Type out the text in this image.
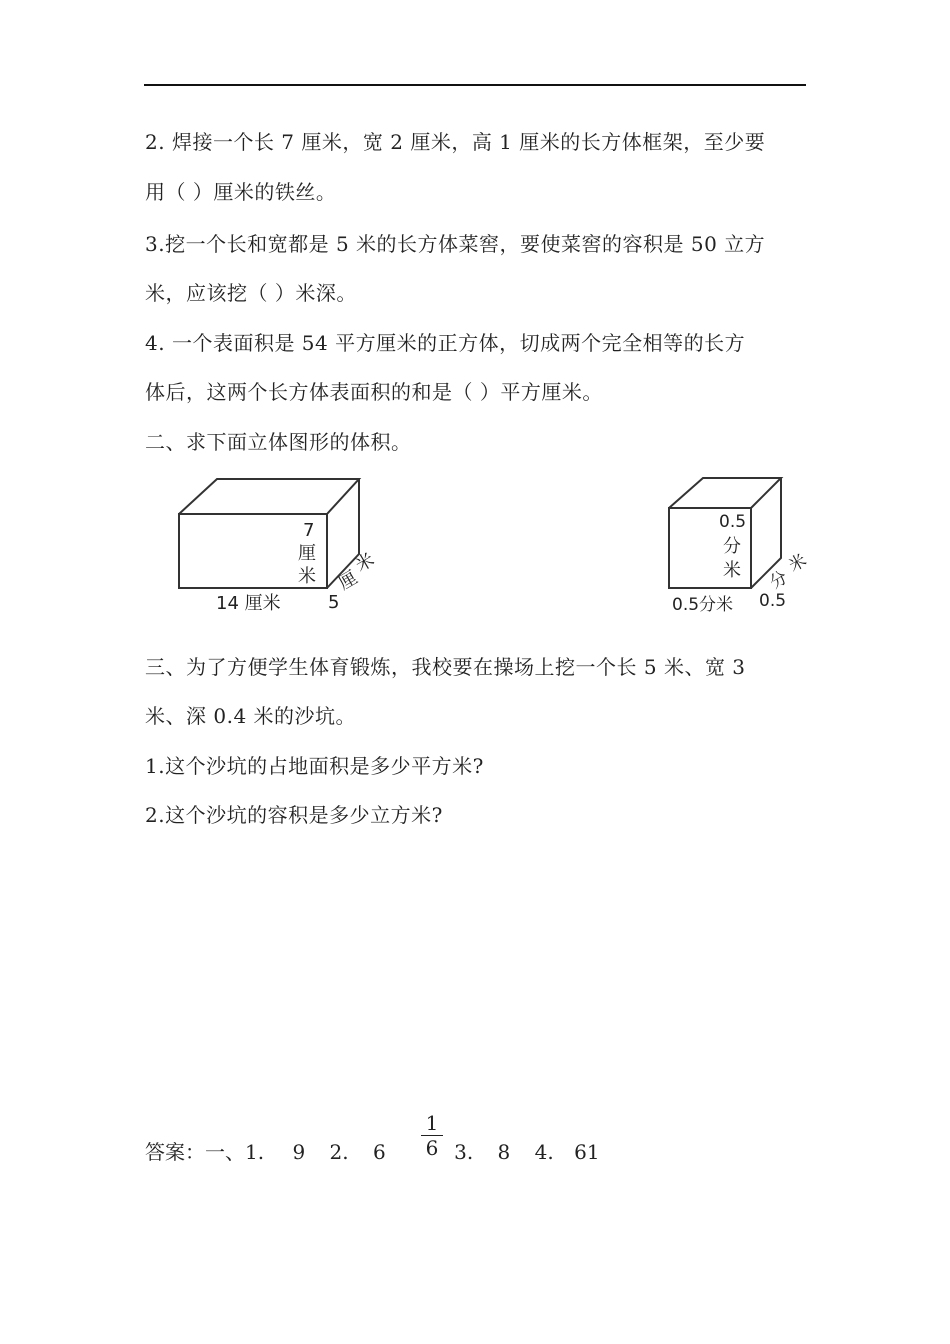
2. 焊接一个长 7 厘米，宽 2 厘米，高 1 厘米的长方体框架，至少要
用（ ）厘米的铁丝。
3.挖一个长和宽都是 5 米的长方体菜窖，要使菜窖的容积是 50 立方
米，应该挖（ ）米深。
4. 一个表面积是 54 平方厘米的正方体，切成两个完全相等的长方
体后，这两个长方体表面积的和是（ ）平方厘米。
二、求下面立体图形的体积。
7
厘
米
5
厘
米
14 厘米
0.5
分
米
0.5
分
米
0.5分米
三、为了方便学生体育锻炼，我校要在操场上挖一个长 5 米、宽 3
米、深 0.4 米的沙坑。
1.这个沙坑的占地面积是多少平方米?
2.这个沙坑的容积是多少立方米?
答案：一、1. 9 2. 6	3. 8 4. 61
1
6
